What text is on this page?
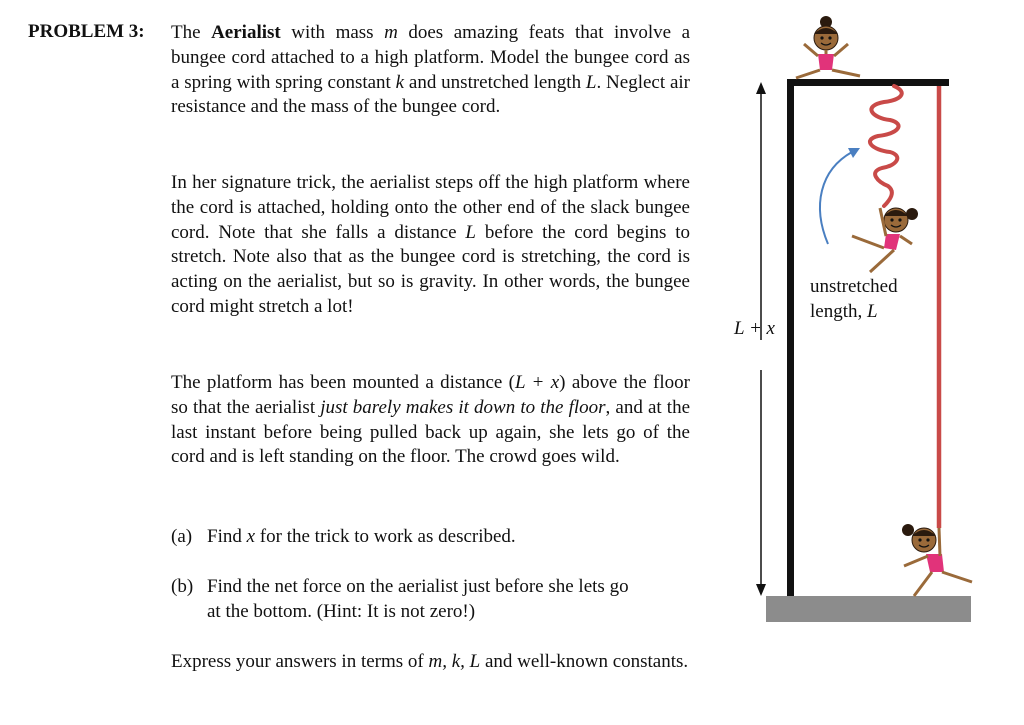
PROBLEM 3: The Aerialist with mass m does amazing feats that involve a bungee cord attached to a high platform. Model the bungee cord as a spring with spring constant k and unstretched length L. Neglect air resistance and the mass of the bungee cord.
In her signature trick, the aerialist steps off the high platform where the cord is attached, holding onto the other end of the slack bungee cord. Note that she falls a distance L before the cord begins to stretch. Note also that as the bungee cord is stretching, the cord is acting on the aerialist, but so is gravity. In other words, the bungee cord might stretch a lot!
The platform has been mounted a distance (L + x) above the floor so that the aerialist just barely makes it down to the floor, and at the last instant before being pulled back up again, she lets go of the cord and is left standing on the floor. The crowd goes wild.
(a) Find x for the trick to work as described.
(b) Find the net force on the aerialist just before she lets go
at the bottom. (Hint: It is not zero!)
Express your answers in terms of m, k, L and well-known constants.
L + x
unstretched
length, L
